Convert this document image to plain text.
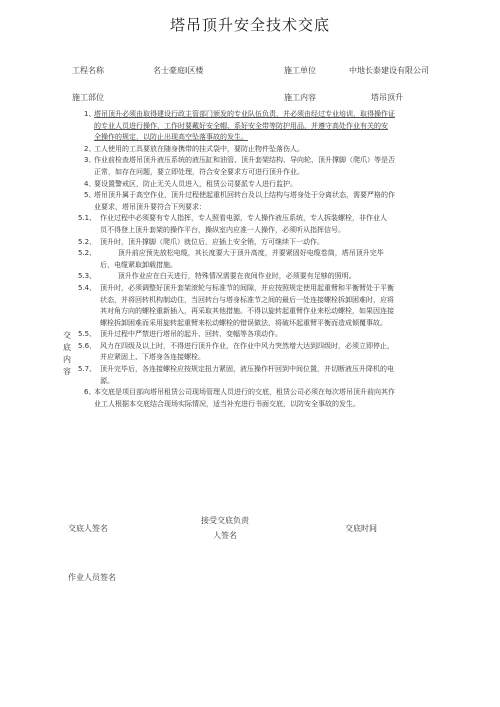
塔吊顶升安全技术交底
工程名称	名士豪庭Ⅰ区楼	施工单位	中地长泰建设有限公司
施工部位	施工内容	塔吊顶升
交
底
内
容
1、
塔吊顶升必须由取得建设行政主管部门颁发的专业队伍负责，并必须由经过专业培训，取得操作证
的专业人员进行操作，工作时要戴好安全帽、系好安全带等防护用品，并遵守高处作业有关的安
全操作的规定，以防止出现高空坠落事故的发生。
2、
工人使用的工具要放在随身携带的挂式袋中，要防止物件坠落伤人。
3、
作业前检查塔吊顶升液压系统的液压缸和油管、顶升套架结构、导向轮、顶升撑脚（爬爪）等是否
正常，如存在问题，要立即处理，符合安全要求方可进行顶升作业。
4、
要设置警戒区，防止无关人员进入，租赁公司要派专人进行监护。
5、
塔吊顶升属于高空作业，顶升过程使起重机回转台及以上结构与塔身处于分离状态，需要严格的作
业要求，塔吊顶升要符合下列要求：
5.1、 作业过程中必须要有专人指挥，专人照看电源，专人操作液压系统，专人拆装螺栓，非作业人
员不得登上顶升套架的操作平台，操纵室内应准一人操作，必须听从指挥信号。
5.2、 顶升时，顶升撑脚（爬爪）就位后，应插上安全销，方可继续下一动作。
5.2、 顶升前应预先放松电缆，其长度要大于顶升高度，并要紧固好电缆卷筒，塔吊顶升完毕
后，电缆紧取卸载措施。
5.3、 顶升作业应在白天进行，特殊情况需要在夜间作业时，必须要有足够的照明。
5.4、 顶升时，必须调整好顶升套架滚轮与标准节的间隙，并应按照规定使用起重臂和平衡臂处于平衡
状态，并将回转机构制动住，当回转台与塔身标准节之间的最后一处连接螺栓拆卸困难时，应将
其对角方向的螺栓重新插入，再采取其他措施。不得以旋转起重臂作业来松动螺栓，如果因连接
螺栓拆卸困难而采用旋转起重臂来松动螺栓的错误做法，将破坏起重臂平衡而造成倾覆事故。
5.5、 顶升过程中严禁进行塔吊的起升、回转、变幅等各项动作。
5.6、 风力在四级及以上时，不得进行顶升作业，在作业中风力突然增大达到四级时，必须立即停止，
并应紧固上、下塔身各连接螺栓。
5.7、 顶升完毕后，各连接螺栓应按规定扭力紧固，液压操作杆回到中间位置，并切断液压升降机的电
源。
6、
本交底是项目部向塔吊租赁公司现场管理人员进行的交底，租赁公司必须在每次塔吊顶升前向其作
业工人根据本交底结合现场实际情况，适当补充进行书面交底，以防安全事故的发生。
交底人签名
接受交底负责
人签名
交底时间
作业人员签名
